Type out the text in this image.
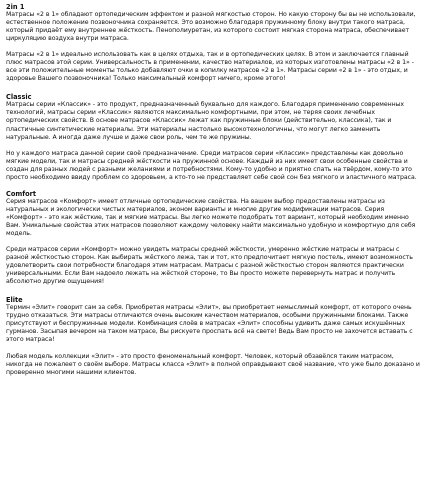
2in 1

Матрасы «2 в 1» обладают ортопедическим эффектом и разной мягкостью сторон. Но какую сторону бы вы не использовали, естественное положение позвоночника сохраняется. Это возможно благодаря пружинному блоку внутри такого матраса, который придаёт ему внутреннее жёсткость. Пенополиуретан, из которого состоит мягкая сторона матраса, обеспечивает циркуляцию воздуха внутри матраса.

Матрасы «2 в 1» идеально использовать как в целях отдыха, так и в ортопедических целях. В этом и заключается главный плюс матрасов этой серии. Универсальность в применении, качество материалов, из которых изготовлены матрасы «2 в 1» - все эти положительные моменты только добавляют очки в копилку матрасов «2 в 1». Матрасы серии «2 в 1» - это отдых, и здоровье Вашего позвоночника! Только максимальный комфорт ничего, кроме этого!

Classic

Матрасы серии «Классик» - это продукт, предназначенный буквально для каждого. Благодаря применению современных технологий, матрасы серии «Классик» являются максимально комфортными, при этом, не теряя своих лечебных ортопедических свойств. В основе матрасов «Классик» лежат как пружинные блоки (действительно, классика), так и пластичные синтетические материалы. Эти материалы настолько высокотехнологичны, что могут легко заменить натуральные. А иногда даже лучше и даже свои роль, чем те же пружины.

Но у каждого матраса данной серии своё предназначение. Среди матрасов серии «Классик» представлены как довольно мягкие модели, так и матрасы средней жёсткости на пружинной основе. Каждый из них имеет свои особенные свойства и создан для разных людей с разными желаниями и потребностями. Кому-то удобно и приятно спать на твёрдом, кому-то это просто необходимо ввиду проблем со здоровьем, а кто-то не представляет себе свой сон без мягкого и эластичного матраса.

Comfort

Серия матрасов «Комфорт» имеет отличные ортопедические свойства. На вашем выбор предоставлены матрасы из натуральных и экологически чистых материалов, эконом варианты и многие другие модификации матрасов. Серия «Комфорт» - это как жёсткие, так и мягкие матрасы. Вы легко можете подобрать тот вариант, который необходим именно Вам. Уникальные свойства этих матрасов позволяют каждому человеку найти максимально удобную и комфортную для себя модель.

Среди матрасов серии «Комфорт» можно увидеть матрасы средней жёсткости, умеренно жёсткие матрасы и матрасы с разной жёсткостью сторон. Как выбирать жёсткого лежа, так и тот, кто предпочитает мягкую постель, имеют возможность удовлетворить свои потребности благодаря этим матрасам. Матрасы с разной жёсткостью сторон являются практически универсальными. Если Вам надоело лежать на жёсткой стороне, то Вы просто можете перевернуть матрас и получить абсолютно другие ощущения!

Elite

Термин «Элит» говорит сам за себя. Приобретая матрасы «Элит», вы приобретает немыслимый комфорт, от которого очень трудно отказаться. Эти матрасы отличаются очень высоким качеством материалов, особыми пружинными блоками. Также присутствуют и беспружинные модели. Комбинация слоёв в матрасах «Элит» способны удивить даже самых искушённых гурманов. Засыпая вечером на таком матрасе, Вы рискуете проспать всё на свете! Ведь Вам просто не захочется вставать с этого матраса!

Любая модель коллекции «Элит» - это просто феноменальный комфорт. Человек, который обзавёлся таким матрасом, никогда не пожалеет о своём выборе. Матрасы класса «Элит» в полной оправдывают своё название, что уже было доказано и проверенно многими нашими клиентов.
